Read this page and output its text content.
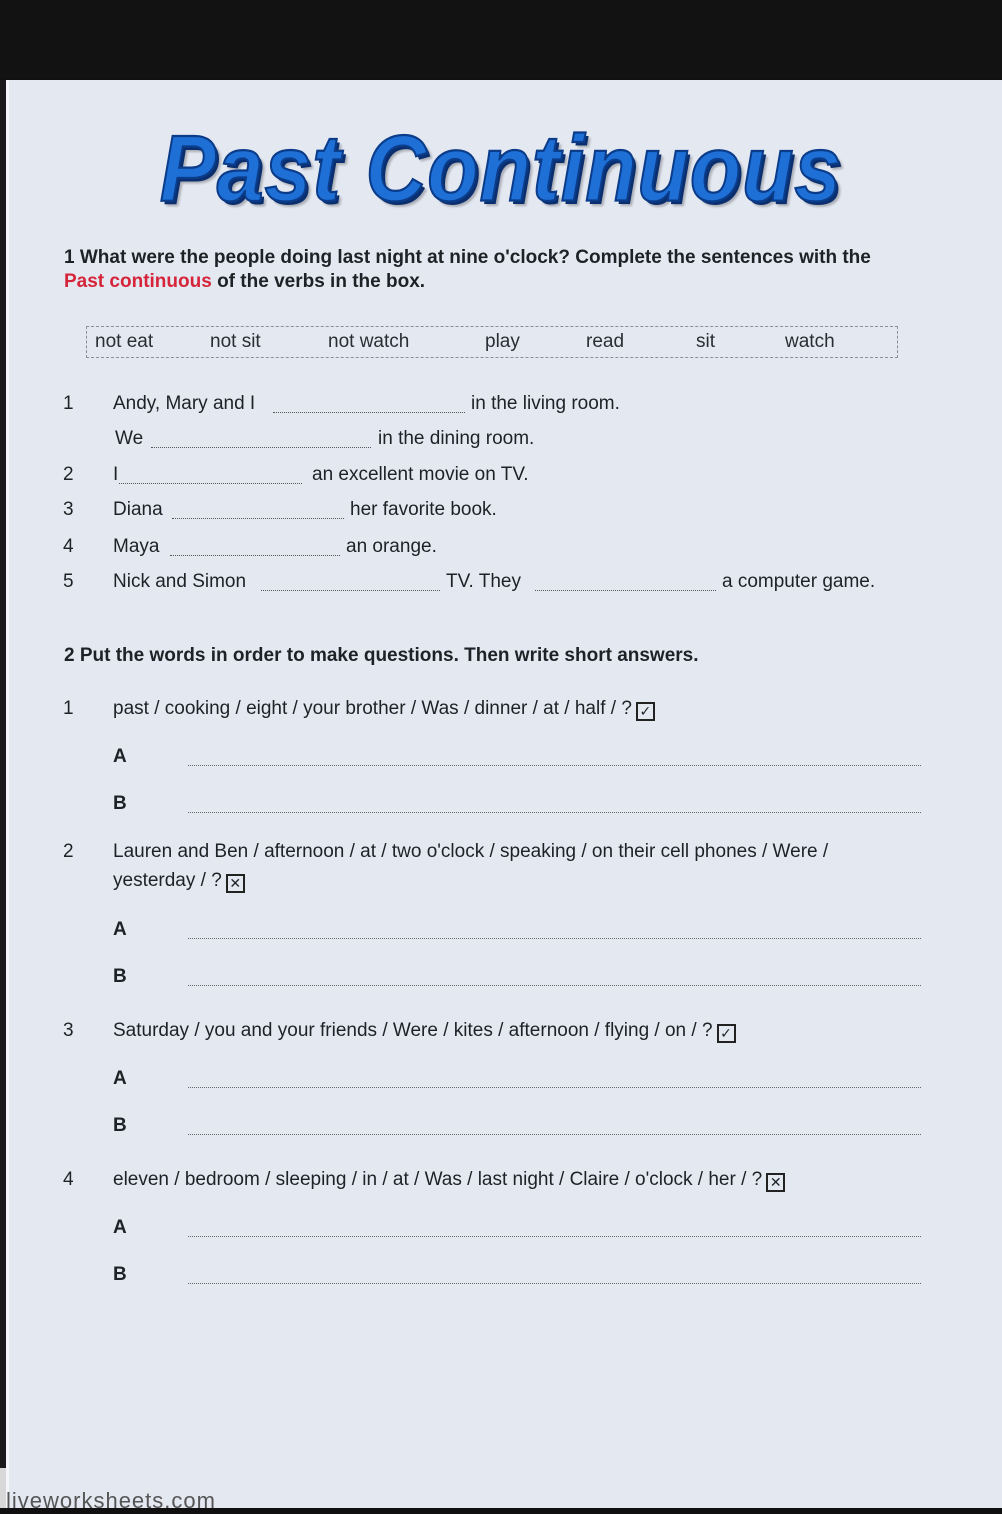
Past Continuous
1 What were the people doing last night at nine o'clock? Complete the sentences with the
Past continuous of the verbs in the box.
not eat	not sit	not watch	play	read	sit	watch
1 Andy, Mary and I	in the living room.
We	in the dining room.
2 I	an excellent movie on TV.
3 Diana	her favorite book.
4 Maya	an orange.
5 Nick and Simon	TV. They	a computer game.
2 Put the words in order to make questions. Then write short answers.
1 past / cooking / eight / your brother / Was / dinner / at / half / ? ✓
A
B
2 Lauren and Ben / afternoon / at / two o'clock / speaking / on their cell phones / Were /
yesterday / ? ✕
A
B
3 Saturday / you and your friends / Were / kites / afternoon / flying / on / ? ✓
A
B
4 eleven / bedroom / sleeping / in / at / Was / last night / Claire / o'clock / her / ? ✕
A
B
liveworksheets.com
